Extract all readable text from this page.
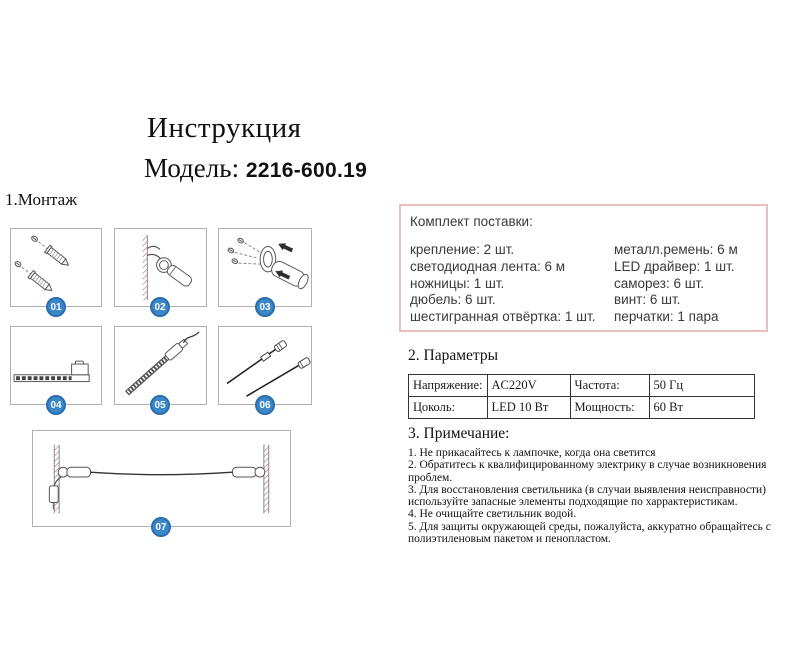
Инструкция
Модель: 2216-600.19
1.Монтаж
01	02	03
04	05	06
07
Комплект поставки:
крепление: 2 шт.
светодиодная лента: 6 м
ножницы: 1 шт.
дюбель: 6 шт.
шестигранная отвёртка: 1 шт.
металл.ремень: 6 м
LED драйвер: 1 шт.
саморез: 6 шт.
винт: 6 шт.
перчатки: 1 пара
2. Параметры
Напряжение:	AC220V	Частота:	50 Гц
Цоколь:	LED 10 Вт	Мощность:	60 Вт
3. Примечание:

1. Не прикасайтесь к лампочке, когда она светится

2. Обратитесь к квалифицированному электрику в случае возникновения проблем.

3. Для восстановления светильника (в случаи выявления неисправности) используйте запасные элементы подходящие по харрактеристикам.

4. Не очищайте светильник водой.

5. Для защиты окружающей среды, пожалуйста, аккуратно обращайтесь с полиэтиленовым пакетом и пенопластом.
